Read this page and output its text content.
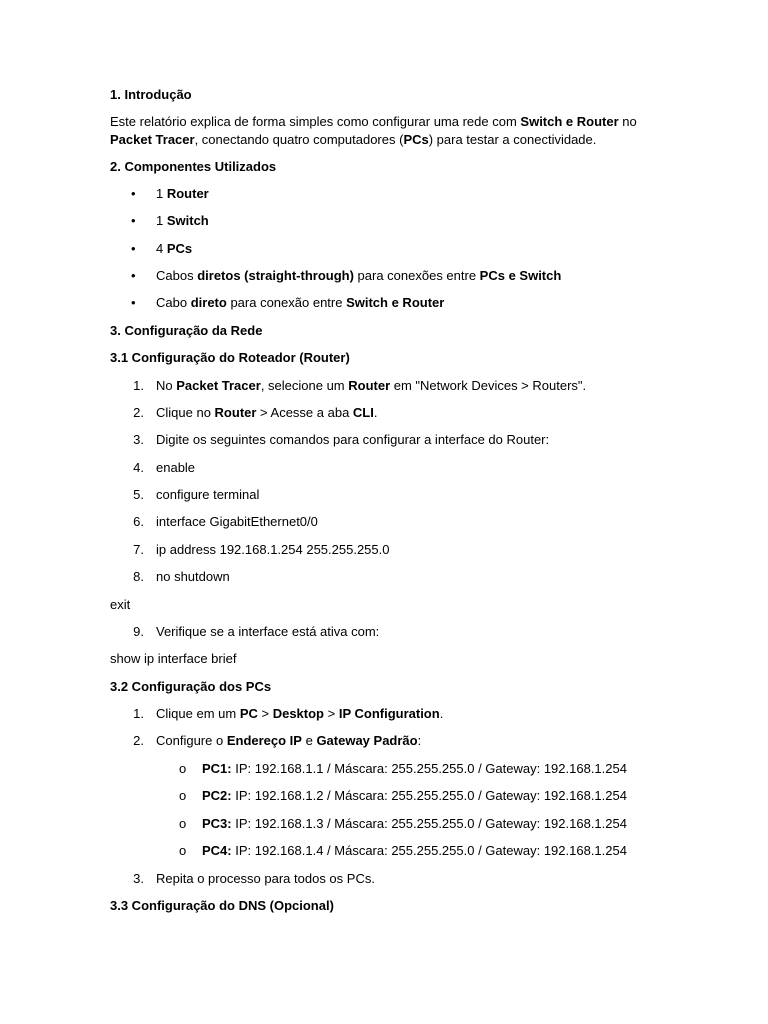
1. Introdução
Este relatório explica de forma simples como configurar uma rede com Switch e Router no
Packet Tracer, conectando quatro computadores (PCs) para testar a conectividade.
2. Componentes Utilizados
• 1 Router
• 1 Switch
• 4 PCs
• Cabos diretos (straight-through) para conexões entre PCs e Switch
• Cabo direto para conexão entre Switch e Router
3. Configuração da Rede
3.1 Configuração do Roteador (Router)
1. No Packet Tracer, selecione um Router em "Network Devices > Routers".
2. Clique no Router > Acesse a aba CLI.
3. Digite os seguintes comandos para configurar a interface do Router:
4. enable
5. configure terminal
6. interface GigabitEthernet0/0
7. ip address 192.168.1.254 255.255.255.0
8. no shutdown
exit
9. Verifique se a interface está ativa com:
show ip interface brief
3.2 Configuração dos PCs
1. Clique em um PC > Desktop > IP Configuration.
2. Configure o Endereço IP e Gateway Padrão:
o PC1: IP: 192.168.1.1 / Máscara: 255.255.255.0 / Gateway: 192.168.1.254
o PC2: IP: 192.168.1.2 / Máscara: 255.255.255.0 / Gateway: 192.168.1.254
o PC3: IP: 192.168.1.3 / Máscara: 255.255.255.0 / Gateway: 192.168.1.254
o PC4: IP: 192.168.1.4 / Máscara: 255.255.255.0 / Gateway: 192.168.1.254
3. Repita o processo para todos os PCs.
3.3 Configuração do DNS (Opcional)
